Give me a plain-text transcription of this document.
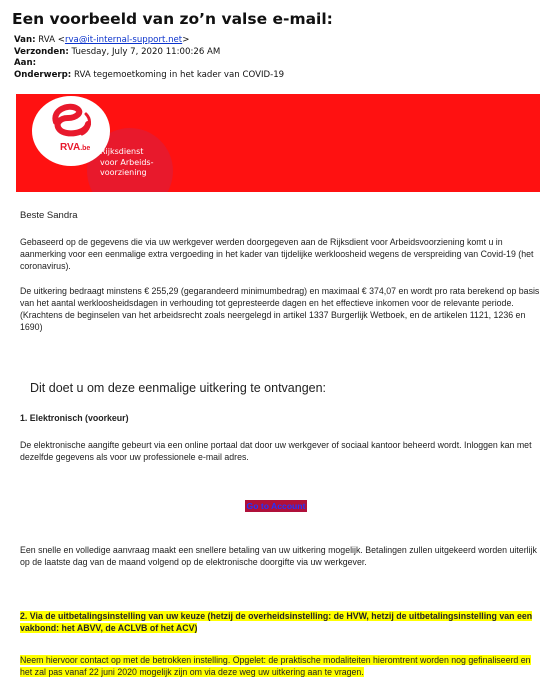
Een voorbeeld van zo’n valse e-mail:
Van: RVA <rva@it-internal-support.net>
Verzonden: Tuesday, July 7, 2020 11:00:26 AM
Aan:
Onderwerp: RVA tegemoetkoming in het kader van COVID-19
RVA.be Rijksdienst
voor Arbeids-
voorziening
Beste Sandra
Gebaseerd op de gegevens die via uw werkgever werden doorgegeven aan de Rijksdient voor Arbeidsvoorziening komt u in aanmerking voor een eenmalige extra vergoeding in het kader van tijdelijke werkloosheid wegens de verspreiding van Covid-19 (het coronavirus).
De uitkering bedraagt minstens € 255,29 (gegarandeerd minimumbedrag) en maximaal € 374,07 en wordt pro rata berekend op basis van het aantal werkloosheidsdagen in verhouding tot gepresteerde dagen en het effectieve inkomen voor de relevante periode. (Krachtens de beginselen van het arbeidsrecht zoals neergelegd in artikel 1337 Burgerlijk Wetboek, en de artikelen 1121, 1236 en 1690)
Dit doet u om deze eenmalige uitkering te ontvangen:
1. Elektronisch (voorkeur)
De elektronische aangifte gebeurt via een online portaal dat door uw werkgever of sociaal kantoor beheerd wordt. Inloggen kan met dezelfde gegevens als voor uw professionele e-mail adres.
Go to Account
Een snelle en volledige aanvraag maakt een snellere betaling van uw uitkering mogelijk. Betalingen zullen uitgekeerd worden uiterlijk op de laatste dag van de maand volgend op de elektronische doorgifte via uw werkgever.
2. Via de uitbetalingsinstelling van uw keuze (hetzij de overheidsinstelling: de HVW, hetzij de uitbetalingsinstelling van een vakbond: het ABVV, de ACLVB of het ACV)
Neem hiervoor contact op met de betrokken instelling. Opgelet: de praktische modaliteiten hieromtrent worden nog gefinaliseerd en het zal pas vanaf 22 juni 2020 mogelijk zijn om via deze weg uw uitkering aan te vragen.
